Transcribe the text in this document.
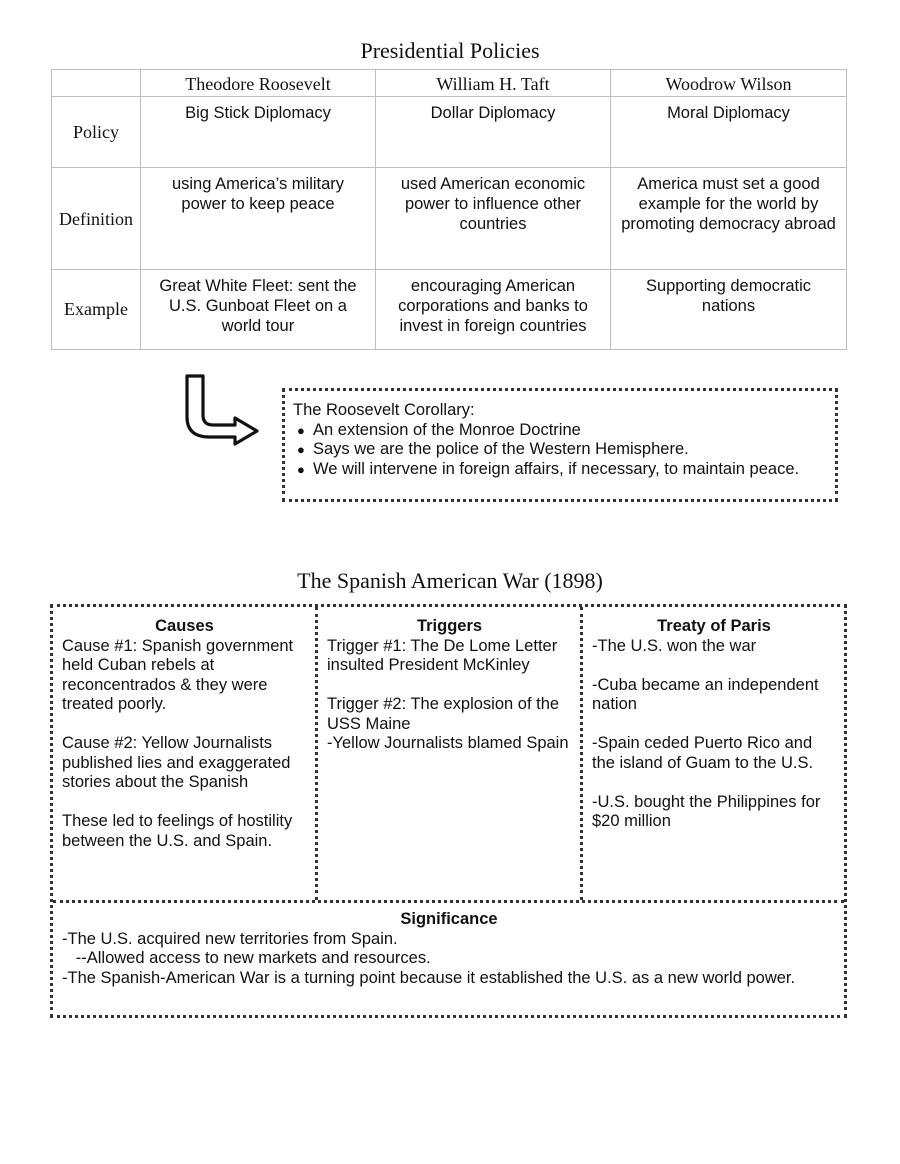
Presidential Policies
	Theodore Roosevelt	William H. Taft	Woodrow Wilson
Policy	Big Stick Diplomacy	Dollar Diplomacy	Moral Diplomacy
Definition	using America’s military power to keep peace	used American economic power to influence other countries	America must set a good example for the world by promoting democracy abroad
Example	Great White Fleet: sent the U.S. Gunboat Fleet on a world tour	encouraging American corporations and banks to invest in foreign countries	Supporting democratic nations
The Roosevelt Corollary:
● An extension of the Monroe Doctrine
● Says we are the police of the Western Hemisphere.
● We will intervene in foreign affairs, if necessary, to maintain peace.
The Spanish American War (1898)
Causes

Cause #1: Spanish government held Cuban rebels at reconcentrados & they were treated poorly.

Cause #2: Yellow Journalists published lies and exaggerated stories about the Spanish

These led to feelings of hostility between the U.S. and Spain.

Triggers

Trigger #1: The De Lome Letter insulted President McKinley

Trigger #2: The explosion of the USS Maine

-Yellow Journalists blamed Spain

Treaty of Paris

-The U.S. won the war

-Cuba became an independent nation

-Spain ceded Puerto Rico and the island of Guam to the U.S.

-U.S. bought the Philippines for $20 million

Significance
-The U.S. acquired new territories from Spain.
--Allowed access to new markets and resources.
-The Spanish-American War is a turning point because it established the U.S. as a new world power.
